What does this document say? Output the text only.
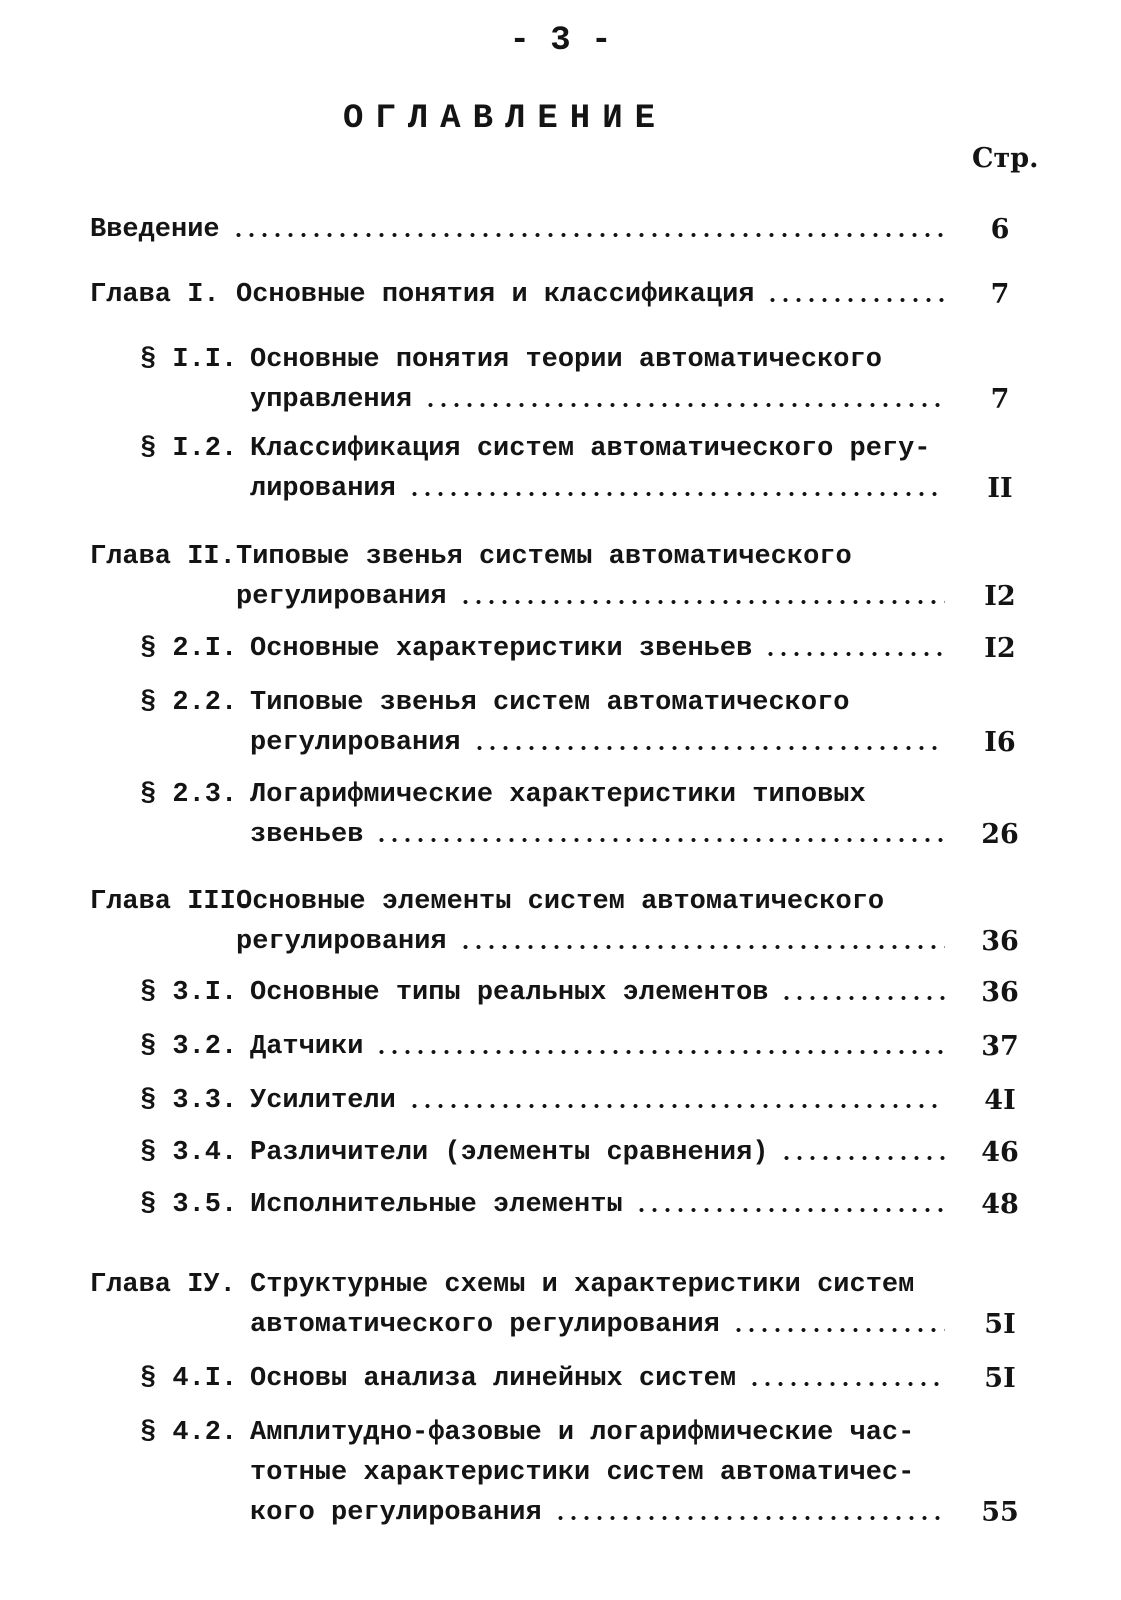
- 3 -
ОГЛАВЛЕНИЕ
Стр.
Введение	6
Глава I. Основные понятия и классификация	7
§ I.I. Основные понятия теории автоматического
управления	7
§ I.2. Классификация систем автоматического регу-
лирования	II
Глава II. Типовые звенья системы автоматического
регулирования	I2
§ 2.I. Основные характеристики звеньев	I2
§ 2.2. Типовые звенья систем автоматического
регулирования	I6
§ 2.3. Логарифмические характеристики типовых
звеньев	26
Глава III.
Основные элементы систем автоматического
регулирования	36
§ 3.I. Основные типы реальных элементов	36
§ 3.2. Датчики	37
§ 3.3. Усилители	4I
§ 3.4. Различители (элементы сравнения)	46
§ 3.5. Исполнительные элементы	48
Глава IУ. Структурные схемы и характеристики систем
автоматического регулирования	5I
§ 4.I. Основы анализа линейных систем	5I
§ 4.2. Амплитудно-фазовые и логарифмические час-
тотные характеристики систем автоматичес-
кого регулирования	55
